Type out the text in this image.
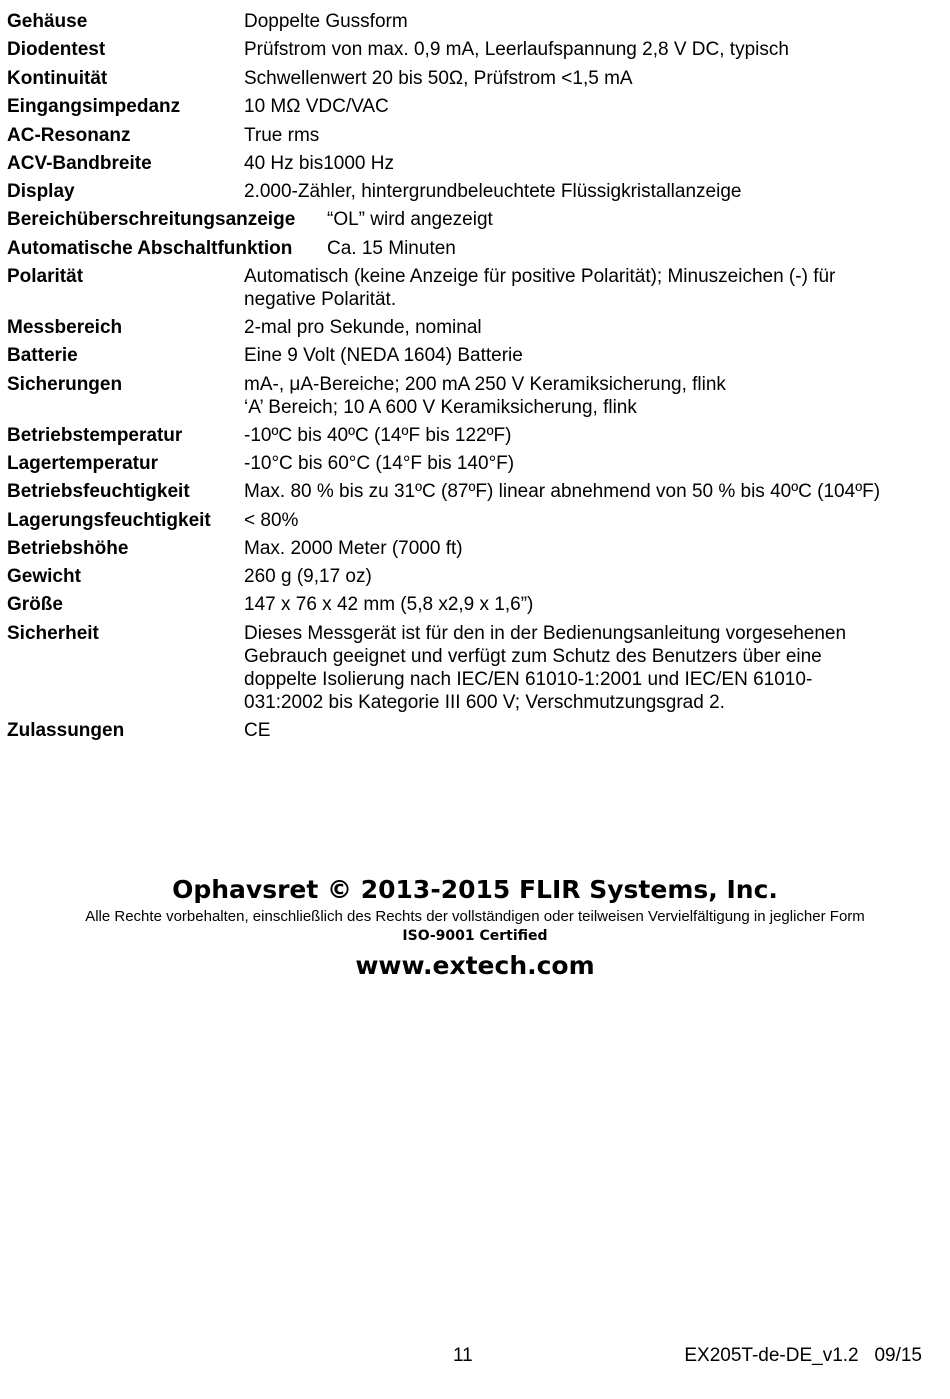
Gehäuse	Doppelte Gussform
Diodentest	Prüfstrom von max. 0,9 mA, Leerlaufspannung 2,8 V DC, typisch
Kontinuität	Schwellenwert 20 bis 50Ω, Prüfstrom <1,5 mA
Eingangsimpedanz	10 MΩ VDC/VAC
AC-Resonanz	True rms
ACV-Bandbreite	40 Hz bis1000 Hz
Display	2.000-Zähler, hintergrundbeleuchtete Flüssigkristallanzeige
Bereichüberschreitungsanzeige “OL” wird angezeigt
Automatische Abschaltfunktion Ca. 15 Minuten
Polarität	Automatisch (keine Anzeige für positive Polarität); Minuszeichen (-) für
negative Polarität.
Messbereich	2-mal pro Sekunde, nominal
Batterie	Eine 9 Volt (NEDA 1604) Batterie
Sicherungen	mA-, μA-Bereiche; 200 mA 250 V Keramiksicherung, flink
‘A’ Bereich; 10 A 600 V Keramiksicherung, flink
Betriebstemperatur	-10ºC bis 40ºC (14ºF bis 122ºF)
Lagertemperatur	-10°C bis 60°C (14°F bis 140°F)
Betriebsfeuchtigkeit	Max. 80 % bis zu 31ºC (87ºF) linear abnehmend von 50 % bis 40ºC (104ºF)
Lagerungsfeuchtigkeit < 80%
Betriebshöhe	Max. 2000 Meter (7000 ft)
Gewicht	260 g (9,17 oz)
Größe	147 x 76 x 42 mm (5,8 x2,9 x 1,6”)
Sicherheit	Dieses Messgerät ist für den in der Bedienungsanleitung vorgesehenen
Gebrauch geeignet und verfügt zum Schutz des Benutzers über eine
doppelte Isolierung nach IEC/EN 61010-1:2001 und IEC/EN 61010-
031:2002 bis Kategorie III 600 V; Verschmutzungsgrad 2.
Zulassungen	CE
Ophavsret © 2013-2015 FLIR Systems, Inc.
Alle Rechte vorbehalten, einschließlich des Rechts der vollständigen oder teilweisen Vervielfältigung in jeglicher Form
ISO-9001 Certified
www.extech.com
11	EX205T-de-DE_v1.2   09/15
